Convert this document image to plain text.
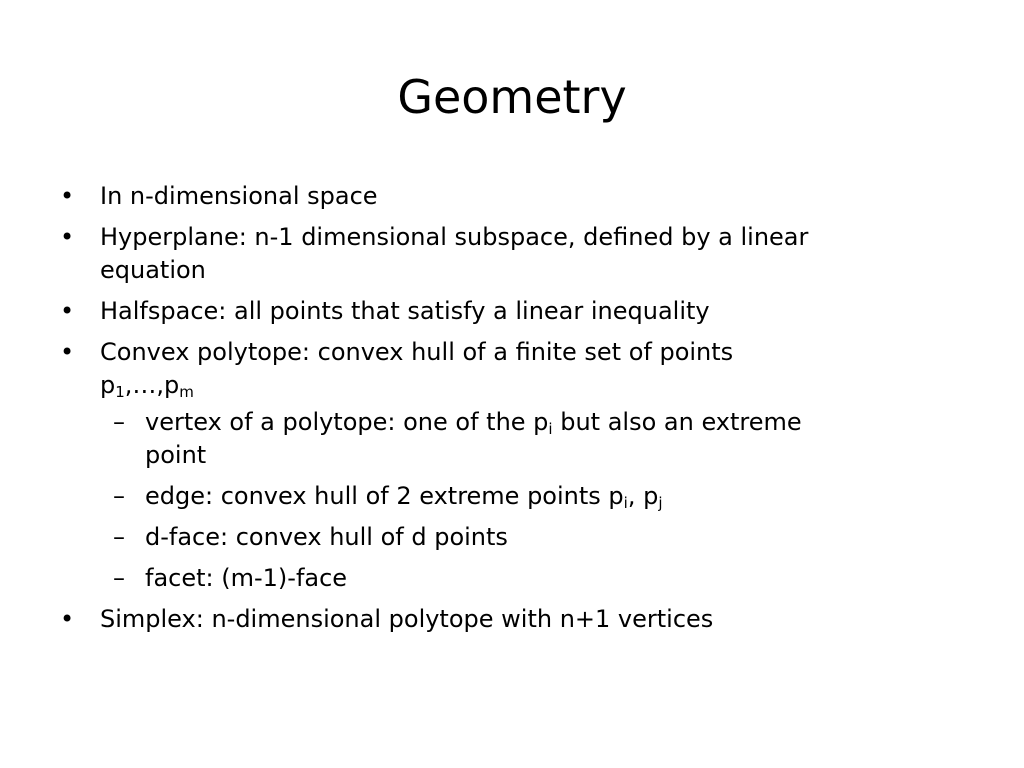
Geometry
• In n-dimensional space
• Hyperplane: n-1 dimensional subspace, defined by a linear
equation
• Halfspace: all points that satisfy a linear inequality
• Convex polytope: convex hull of a finite set of points
$p_1,\dots,p_m$
– vertex of a polytope: one of the $p_i$ but also an extreme
point
– edge: convex hull of 2 extreme points $p_i$, $p_j$
– d-face: convex hull of d points
– facet: (m-1)-face
• Simplex: n-dimensional polytope with n+1 vertices
